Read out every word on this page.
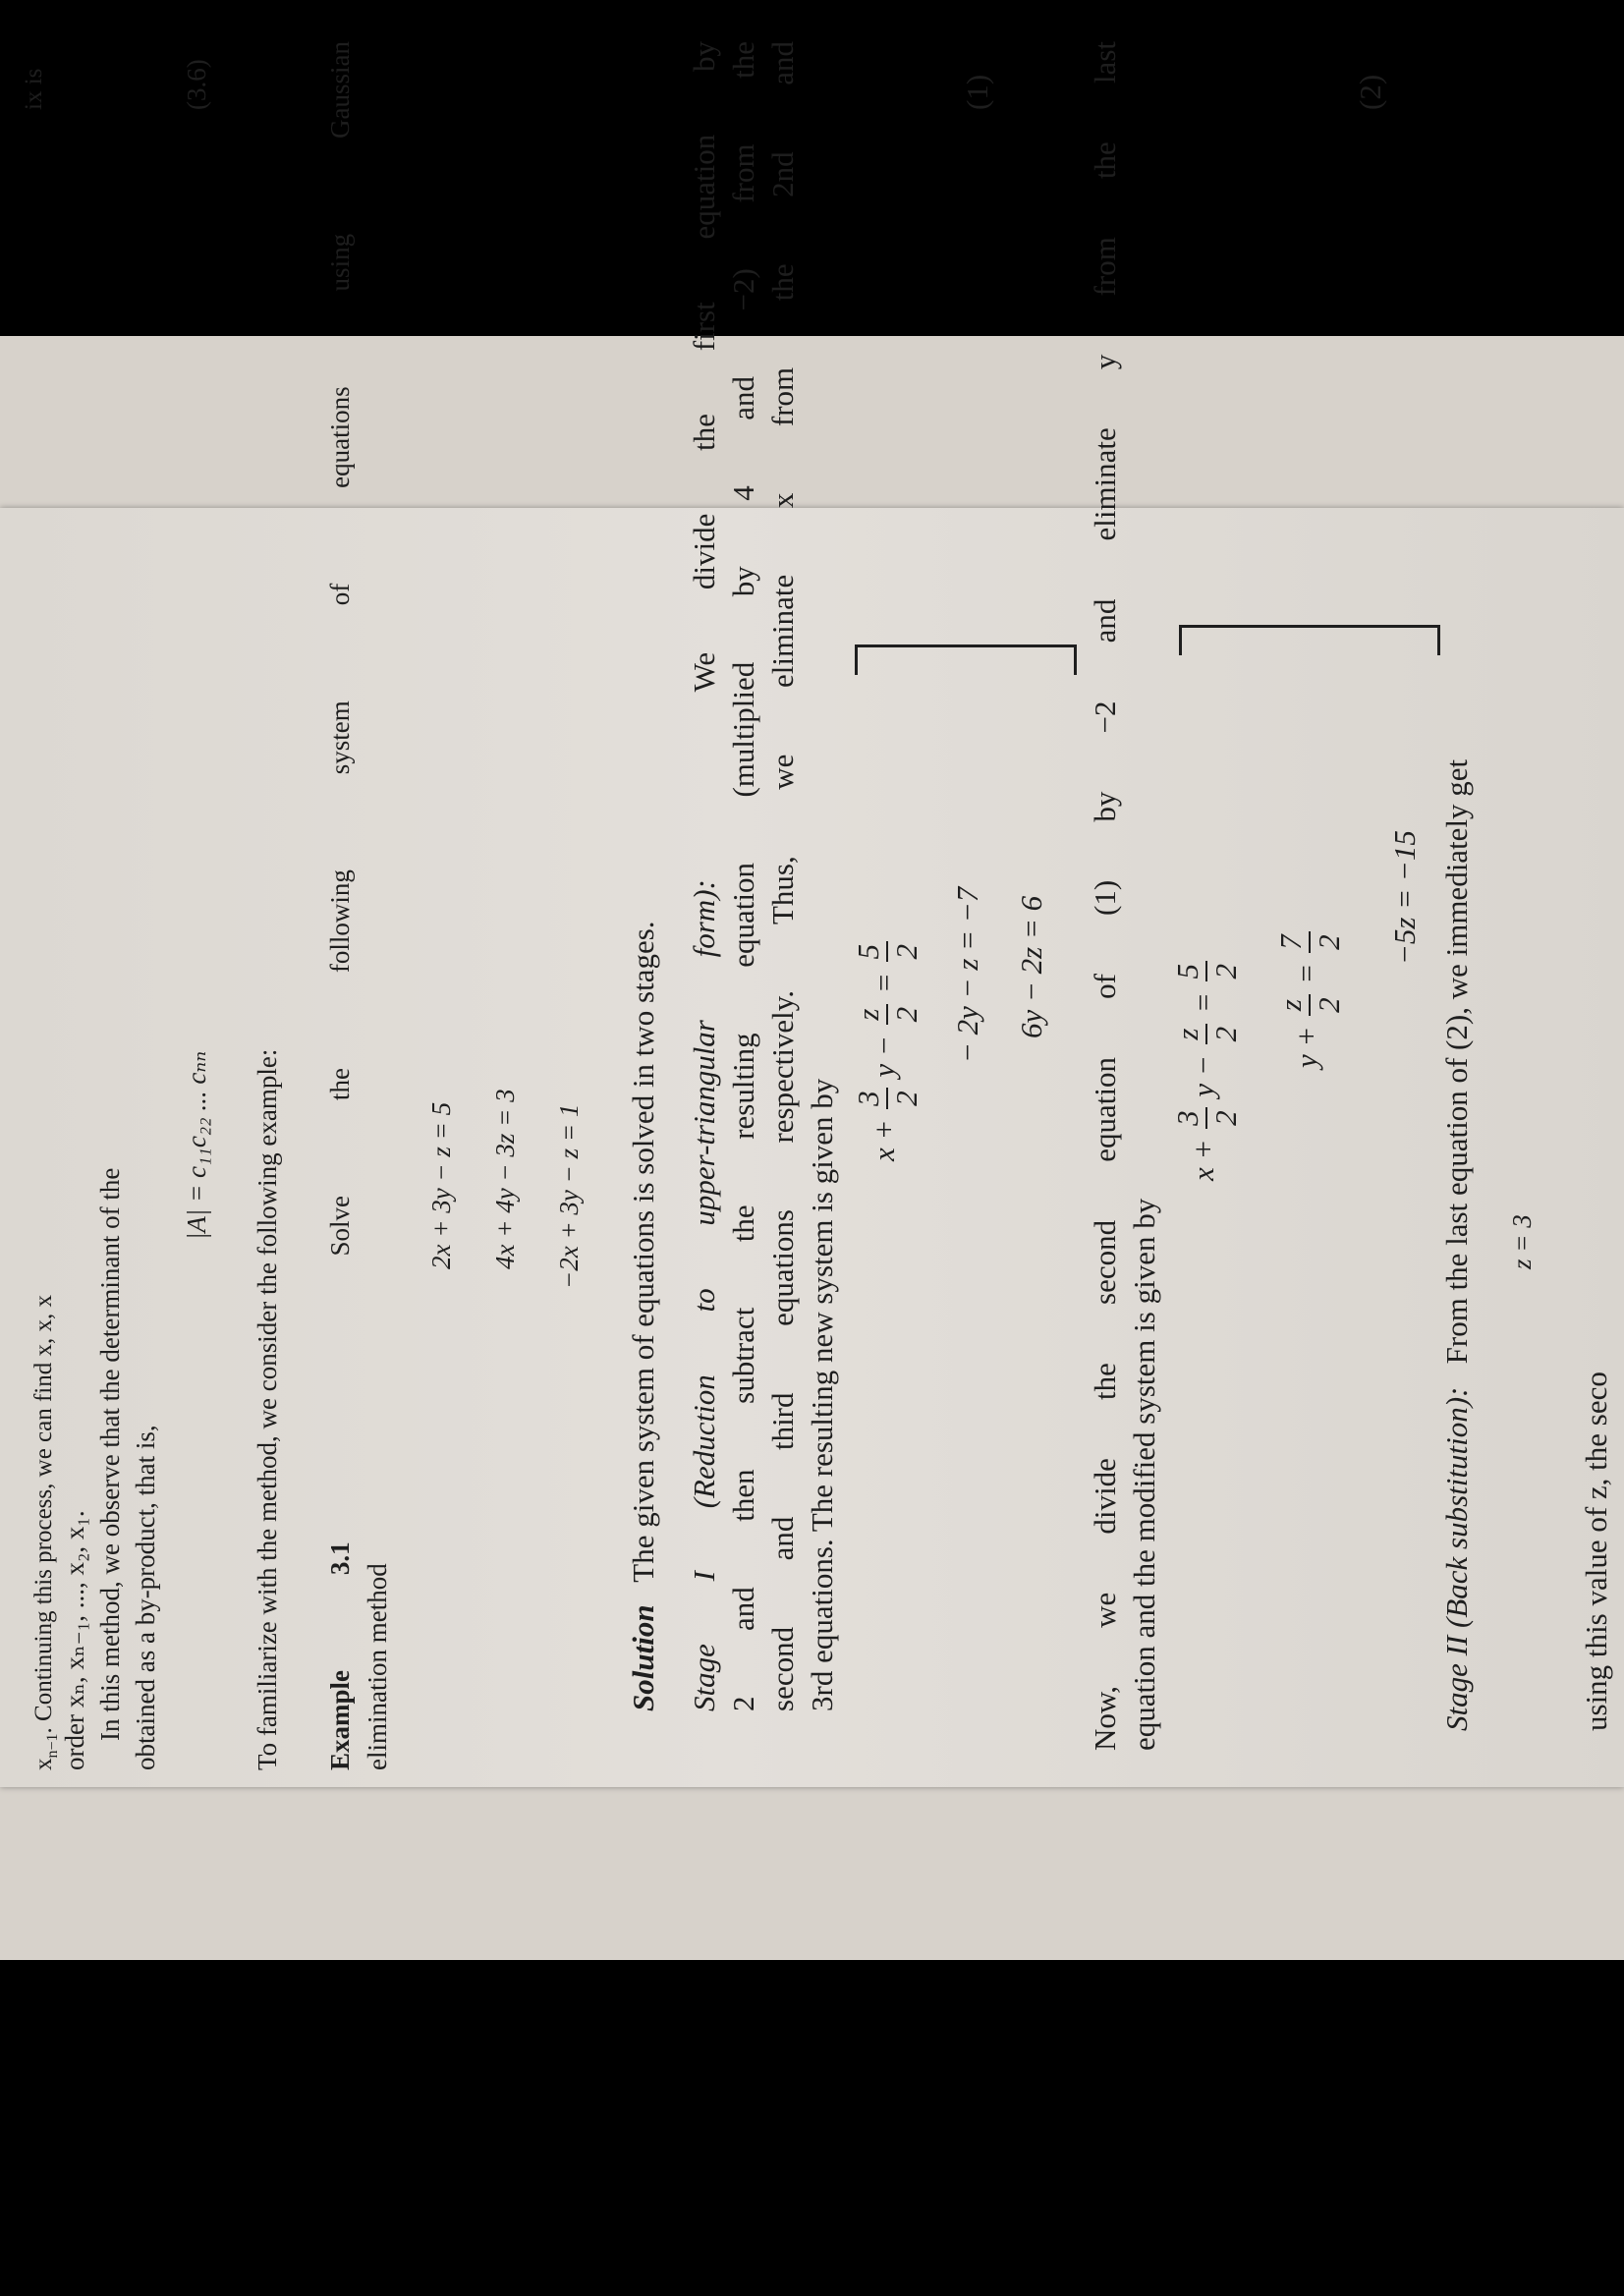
$x_{n-1}$. Continuing this process, we can find x, x, x
ix is
order xₙ, xₙ₋₁, ..., x₂, x₁. In this method, we observe that the determinant of the obtained as a by-product, that is,
|A| = c₁₁c₂₂ ... cₙₙ
(3.6)
To familiarize with the method, we consider the following example: Example 3.1   Solve the following system of equations using Gaussian
elimination method
2x + 3y − z = 5 4x + 4y − 3z = 3 −2x + 3y − z = 1
Solution   The given system of equations is solved in two stages. Stage I (Reduction to upper-triangular form):   We divide the first equation by 2 and then subtract the resulting equation (multiplied by 4 and −2) from the second and third equations respectively. Thus, we eliminate x from the 2nd and 3rd equations. The resulting new system is given by x +
3 2
y −
z 2
=
5 2 − 2y − z = −7 6y − 2z = 6
(1)	Now, we divide the second equation of (1) by −2 and eliminate y from the last equation and the modified system is given by
x +
3 2
y −
z 2
=
5 2
y +
z 2
=
7 2 −5z = −15
(2)
Stage II (Back substitution):   From the last equation of (2), we immediately get z = 3
using this value of z, the seco
